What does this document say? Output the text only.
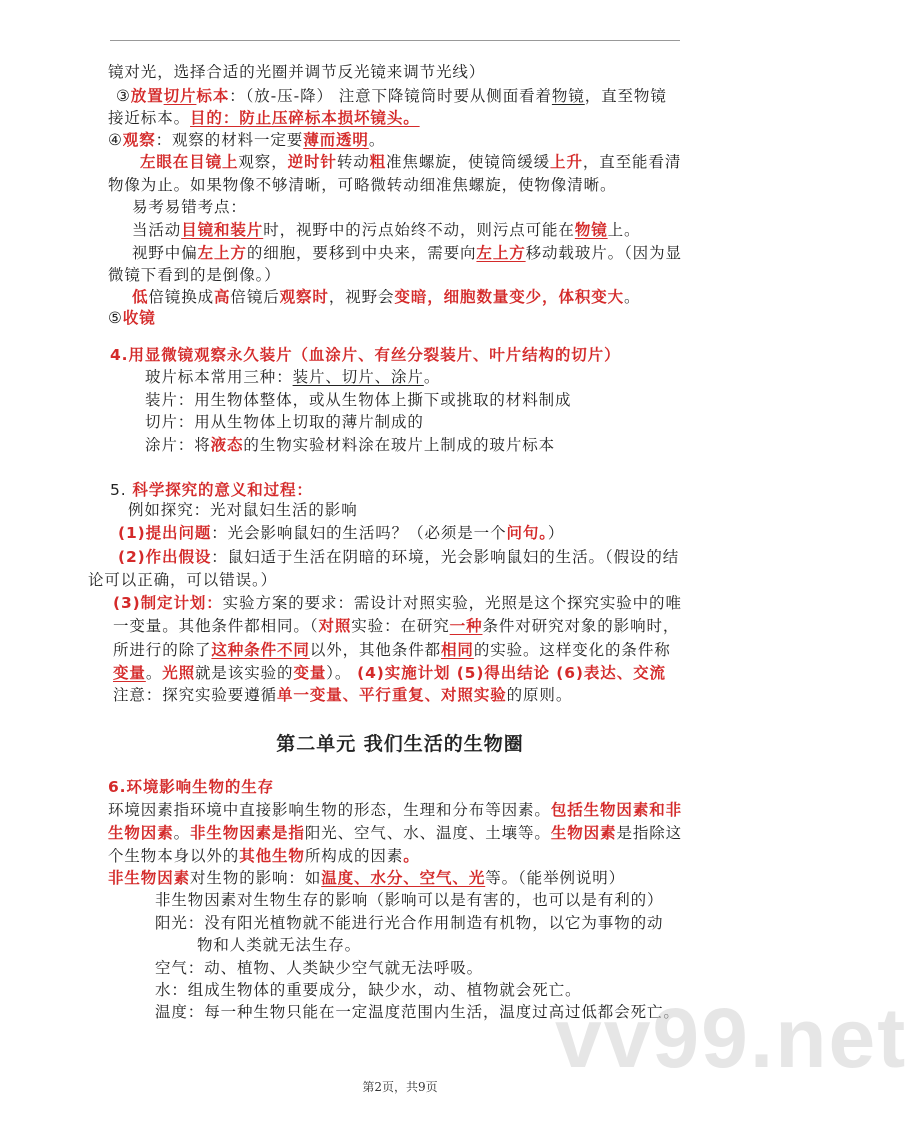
镜对光，选择合适的光圈并调节反光镜来调节光线）
③放置切片标本：（放-压-降） 注意下降镜筒时要从侧面看着物镜，直至物镜
接近标本。目的：防止压碎标本损坏镜头。
④观察：观察的材料一定要薄而透明。
左眼在目镜上观察，逆时针转动粗准焦螺旋，使镜筒缓缓上升，直至能看清
物像为止。如果物像不够清晰，可略微转动细准焦螺旋，使物像清晰。
易考易错考点：
当活动目镜和装片时，视野中的污点始终不动，则污点可能在物镜上。
视野中偏左上方的细胞，要移到中央来，需要向左上方移动载玻片。（因为显
微镜下看到的是倒像。）
低倍镜换成高倍镜后观察时，视野会变暗，细胞数量变少，体积变大。
⑤收镜
4.用显微镜观察永久装片（血涂片、有丝分裂装片、叶片结构的切片）
玻片标本常用三种：装片、切片、涂片。
装片：用生物体整体，或从生物体上撕下或挑取的材料制成
切片：用从生物体上切取的薄片制成的
涂片：将液态的生物实验材料涂在玻片上制成的玻片标本
5. 科学探究的意义和过程：
例如探究：光对鼠妇生活的影响
(1)提出问题：光会影响鼠妇的生活吗？（必须是一个问句。）
(2)作出假设：鼠妇适于生活在阴暗的环境，光会影响鼠妇的生活。（假设的结
论可以正确，可以错误。）
(3)制定计划：实验方案的要求：需设计对照实验，光照是这个探究实验中的唯
一变量。其他条件都相同。（对照实验：在研究一种条件对研究对象的影响时，
所进行的除了这种条件不同以外，其他条件都相同的实验。这样变化的条件称
变量。光照就是该实验的变量）。 (4)实施计划 (5)得出结论 (6)表达、交流
注意：探究实验要遵循单一变量、平行重复、对照实验的原则。
第二单元 我们生活的生物圈
6.环境影响生物的生存
环境因素指环境中直接影响生物的形态，生理和分布等因素。包括生物因素和非
生物因素。非生物因素是指阳光、空气、水、温度、土壤等。生物因素是指除这
个生物本身以外的其他生物所构成的因素。
非生物因素对生物的影响：如温度、水分、空气、光等。（能举例说明）
非生物因素对生物生存的影响（影响可以是有害的，也可以是有利的）
阳光：没有阳光植物就不能进行光合作用制造有机物，以它为事物的动
物和人类就无法生存。
空气：动、植物、人类缺少空气就无法呼吸。
水：组成生物体的重要成分，缺少水，动、植物就会死亡。
温度：每一种生物只能在一定温度范围内生活，温度过高过低都会死亡。
vv99.net
第2页，共9页
